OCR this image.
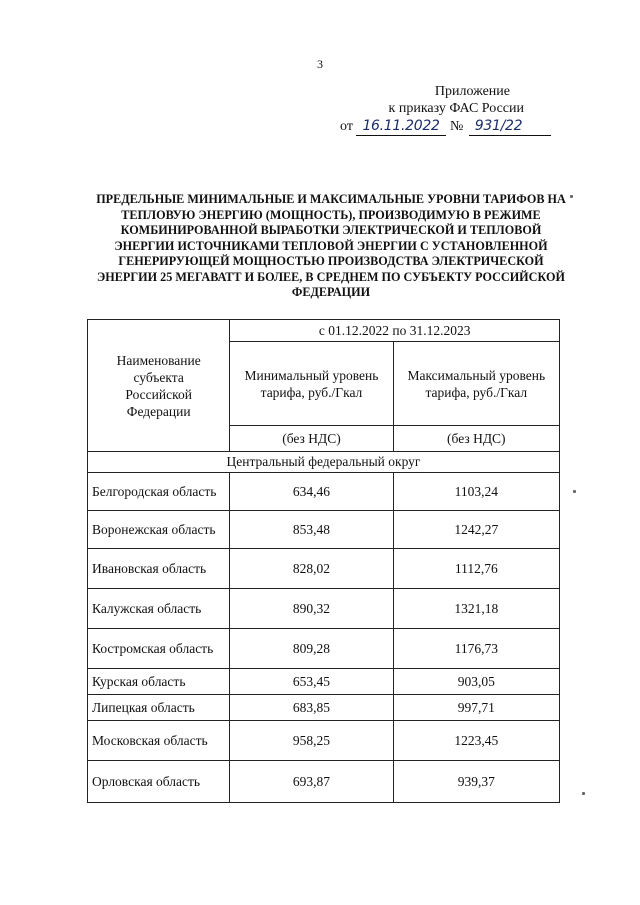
3
Приложение
к приказу ФАС России
от 16.11.2022 № 931/22
ПРЕДЕЛЬНЫЕ МИНИМАЛЬНЫЕ И МАКСИМАЛЬНЫЕ УРОВНИ ТАРИФОВ НА ТЕПЛОВУЮ ЭНЕРГИЮ (МОЩНОСТЬ), ПРОИЗВОДИМУЮ В РЕЖИМЕ КОМБИНИРОВАННОЙ ВЫРАБОТКИ ЭЛЕКТРИЧЕСКОЙ И ТЕПЛОВОЙ ЭНЕРГИИ ИСТОЧНИКАМИ ТЕПЛОВОЙ ЭНЕРГИИ С УСТАНОВЛЕННОЙ ГЕНЕРИРУЮЩЕЙ МОЩНОСТЬЮ ПРОИЗВОДСТВА ЭЛЕКТРИЧЕСКОЙ ЭНЕРГИИ 25 МЕГАВАТТ И БОЛЕЕ, В СРЕДНЕМ ПО СУБЪЕКТУ РОССИЙСКОЙ ФЕДЕРАЦИИ
Наименование субъекта Российской Федерации	с 01.12.2022 по 31.12.2023	
	Минимальный уровень тарифа, руб./Гкал	Максимальный уровень тарифа, руб./Гкал
	(без НДС)	(без НДС)
Центральный федеральный округ		
Белгородская область	634,46	1103,24
Воронежская область	853,48	1242,27
Ивановская область	828,02	1112,76
Калужская область	890,32	1321,18
Костромская область	809,28	1176,73
Курская область	653,45	903,05
Липецкая область	683,85	997,71
Московская область	958,25	1223,45
Орловская область	693,87	939,37
